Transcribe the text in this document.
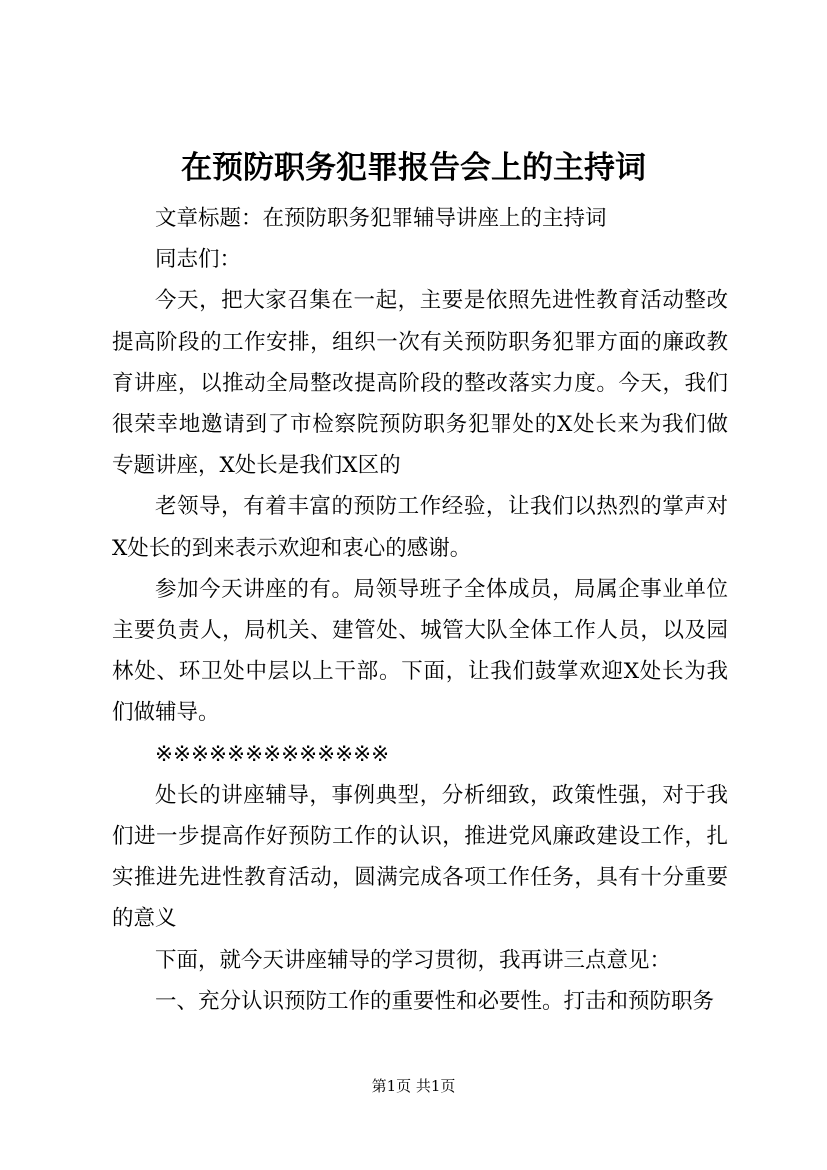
在预防职务犯罪报告会上的主持词

文章标题：在预防职务犯罪辅导讲座上的主持词

同志们：

今天，把大家召集在一起，主要是依照先进性教育活动整改提高阶段的工作安排，组织一次有关预防职务犯罪方面的廉政教育讲座，以推动全局整改提高阶段的整改落实力度。今天，我们很荣幸地邀请到了市检察院预防职务犯罪处的X处长来为我们做专题讲座，X处长是我们X区的

老领导，有着丰富的预防工作经验，让我们以热烈的掌声对X处长的到来表示欢迎和衷心的感谢。

参加今天讲座的有。局领导班子全体成员，局属企事业单位主要负责人，局机关、建管处、城管大队全体工作人员，以及园林处、环卫处中层以上干部。下面，让我们鼓掌欢迎X处长为我们做辅导。

※※※※※※※※※※※※※

处长的讲座辅导，事例典型，分析细致，政策性强，对于我们进一步提高作好预防工作的认识，推进党风廉政建设工作，扎实推进先进性教育活动，圆满完成各项工作任务，具有十分重要的意义

下面，就今天讲座辅导的学习贯彻，我再讲三点意见：

一、充分认识预防工作的重要性和必要性。打击和预防职务

第1页 共1页
